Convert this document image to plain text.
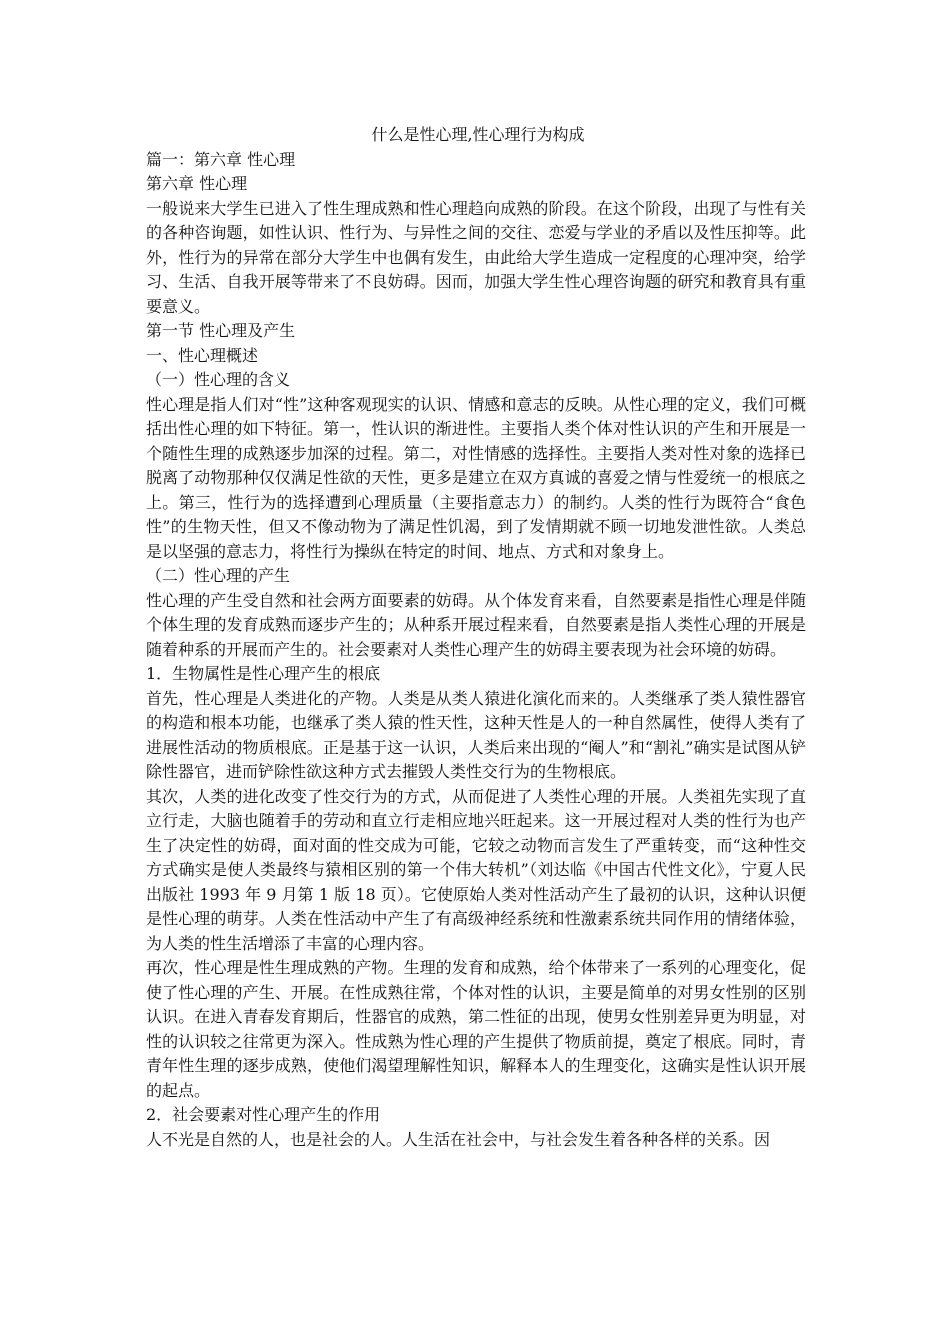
什么是性心理,性心理行为构成

篇一：第六章 性心理

第六章 性心理

一般说来大学生已进入了性生理成熟和性心理趋向成熟的阶段。在这个阶段，出现了与性有关的各种咨询题，如性认识、性行为、与异性之间的交往、恋爱与学业的矛盾以及性压抑等。此外，性行为的异常在部分大学生中也偶有发生，由此给大学生造成一定程度的心理冲突，给学习、生活、自我开展等带来了不良妨碍。因而，加强大学生性心理咨询题的研究和教育具有重要意义。

第一节 性心理及产生

一、性心理概述

（一）性心理的含义

性心理是指人们对“性”这种客观现实的认识、情感和意志的反映。从性心理的定义，我们可概括出性心理的如下特征。第一，性认识的渐进性。主要指人类个体对性认识的产生和开展是一个随性生理的成熟逐步加深的过程。第二，对性情感的选择性。主要指人类对性对象的选择已脱离了动物那种仅仅满足性欲的天性，更多是建立在双方真诚的喜爱之情与性爱统一的根底之上。第三，性行为的选择遭到心理质量（主要指意志力）的制约。人类的性行为既符合“食色性”的生物天性，但又不像动物为了满足性饥渴，到了发情期就不顾一切地发泄性欲。人类总是以坚强的意志力，将性行为操纵在特定的时间、地点、方式和对象身上。

（二）性心理的产生

性心理的产生受自然和社会两方面要素的妨碍。从个体发育来看，自然要素是指性心理是伴随个体生理的发育成熟而逐步产生的；从种系开展过程来看，自然要素是指人类性心理的开展是随着种系的开展而产生的。社会要素对人类性心理产生的妨碍主要表现为社会环境的妨碍。

1．生物属性是性心理产生的根底

首先，性心理是人类进化的产物。人类是从类人猿进化演化而来的。人类继承了类人猿性器官的构造和根本功能，也继承了类人猿的性天性，这种天性是人的一种自然属性，使得人类有了进展性活动的物质根底。正是基于这一认识，人类后来出现的“阉人”和“割礼”确实是试图从铲除性器官，进而铲除性欲这种方式去摧毁人类性交行为的生物根底。

其次，人类的进化改变了性交行为的方式，从而促进了人类性心理的开展。人类祖先实现了直立行走，大脑也随着手的劳动和直立行走相应地兴旺起来。这一开展过程对人类的性行为也产生了决定性的妨碍，面对面的性交成为可能，它较之动物而言发生了严重转变，而“这种性交方式确实是使人类最终与猿相区别的第一个伟大转机”（刘达临《中国古代性文化》，宁夏人民出版社 1993 年 9 月第 1 版 18 页）。它使原始人类对性活动产生了最初的认识，这种认识便是性心理的萌芽。人类在性活动中产生了有高级神经系统和性激素系统共同作用的情绪体验，为人类的性生活增添了丰富的心理内容。

再次，性心理是性生理成熟的产物。生理的发育和成熟，给个体带来了一系列的心理变化，促使了性心理的产生、开展。在性成熟往常，个体对性的认识，主要是简单的对男女性别的区别认识。在进入青春发育期后，性器官的成熟，第二性征的出现，使男女性别差异更为明显，对性的认识较之往常更为深入。性成熟为性心理的产生提供了物质前提，奠定了根底。同时，青青年性生理的逐步成熟，使他们渴望理解性知识，解释本人的生理变化，这确实是性认识开展的起点。

2．社会要素对性心理产生的作用

人不光是自然的人，也是社会的人。人生活在社会中，与社会发生着各种各样的关系。因
